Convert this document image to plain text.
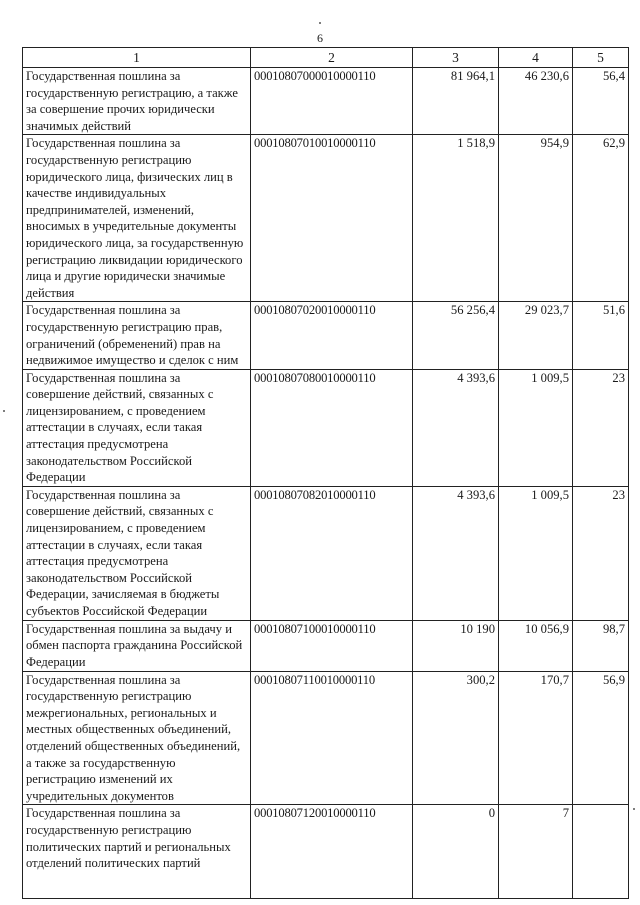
6
1	2	3	4	5
Государственная пошлина за государственную регистрацию, а также за совершение прочих юридически значимых действий	00010807000010000110	81 964,1	46 230,6	56,4
Государственная пошлина за государственную регистрацию юридического лица, физических лиц в качестве индивидуальных предпринимателей, изменений, вносимых в учредительные документы юридического лица, за государственную регистрацию ликвидации юридического лица и другие юридически значимые действия	00010807010010000110	1 518,9	954,9	62,9
Государственная пошлина за государственную регистрацию прав, ограничений (обременений) прав на недвижимое имущество и сделок с ним	00010807020010000110	56 256,4	29 023,7	51,6
Государственная пошлина за совершение действий, связанных с лицензированием, с проведением аттестации в случаях, если такая аттестация предусмотрена законодательством Российской Федерации	00010807080010000110	4 393,6	1 009,5	23
Государственная пошлина за совершение действий, связанных с лицензированием, с проведением аттестации в случаях, если такая аттестация предусмотрена законодательством Российской Федерации, зачисляемая в бюджеты субъектов Российской Федерации	00010807082010000110	4 393,6	1 009,5	23
Государственная пошлина за выдачу и обмен паспорта гражданина Российской Федерации	00010807100010000110	10 190	10 056,9	98,7
Государственная пошлина за государственную регистрацию межрегиональных, региональных и местных общественных объединений, отделений общественных объединений, а также за государственную регистрацию изменений их учредительных документов	00010807110010000110	300,2	170,7	56,9
Государственная пошлина за государственную регистрацию политических партий и региональных отделений политических партий	00010807120010000110	0	7	
